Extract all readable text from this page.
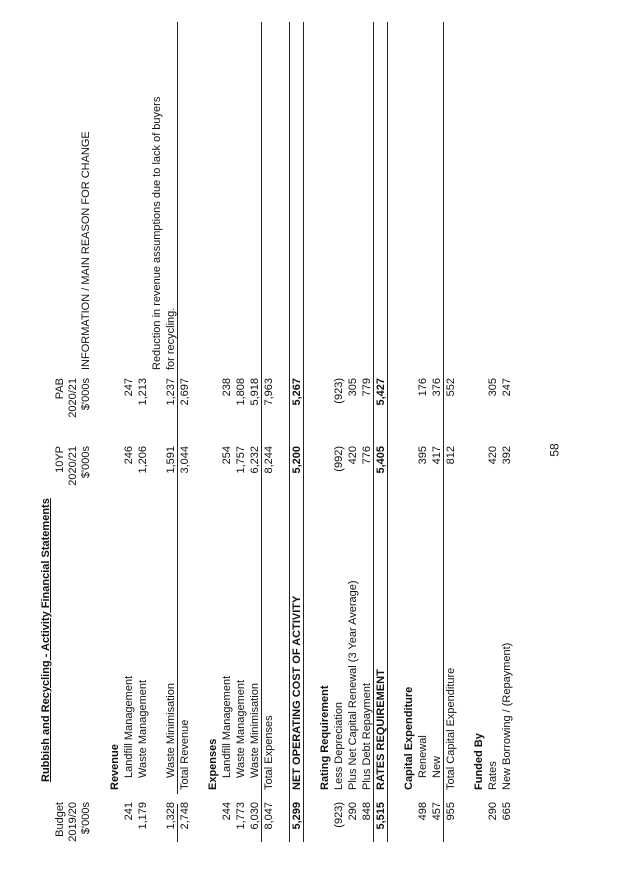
Rubbish and Recycling - Activity Financial Statements
Budget 2019/20 $'000s
10YP 2020/21 $'000s
PAB 2020/21 $'000s
INFORMATION / MAIN REASON FOR CHANGE
Revenue
241
Landfill Management
246
247
1,179
Waste Management
1,206
1,213
Reduction in revenue assumptions due to lack of buyers
1,328
Waste Minimisation
1,591
1,237
for recycling.
2,748
Total Revenue
3,044
2,697
Expenses
244
Landfill Management
254
238
1,773
Waste Management
1,757
1,808
6,030
Waste Minimisation
6,232
5,918
8,047
Total Expenses
8,244
7,963
5,299
NET OPERATING COST OF ACTIVITY
5,200
5,267
Rating Requirement
(923)
Less Depreciation
(992)
(923)
290
Plus Net Capital Renewal (3 Year Average)
420
305
848
Plus Debt Repayment
776
779
5,515
RATES REQUIREMENT
5,405
5,427
Capital Expenditure
498
Renewal
395
176
457
New
417
376
955
Total Capital Expenditure
812
552
Funded By
290
Rates
420
305
665
New Borrowing / (Repayment)
392
247
58
